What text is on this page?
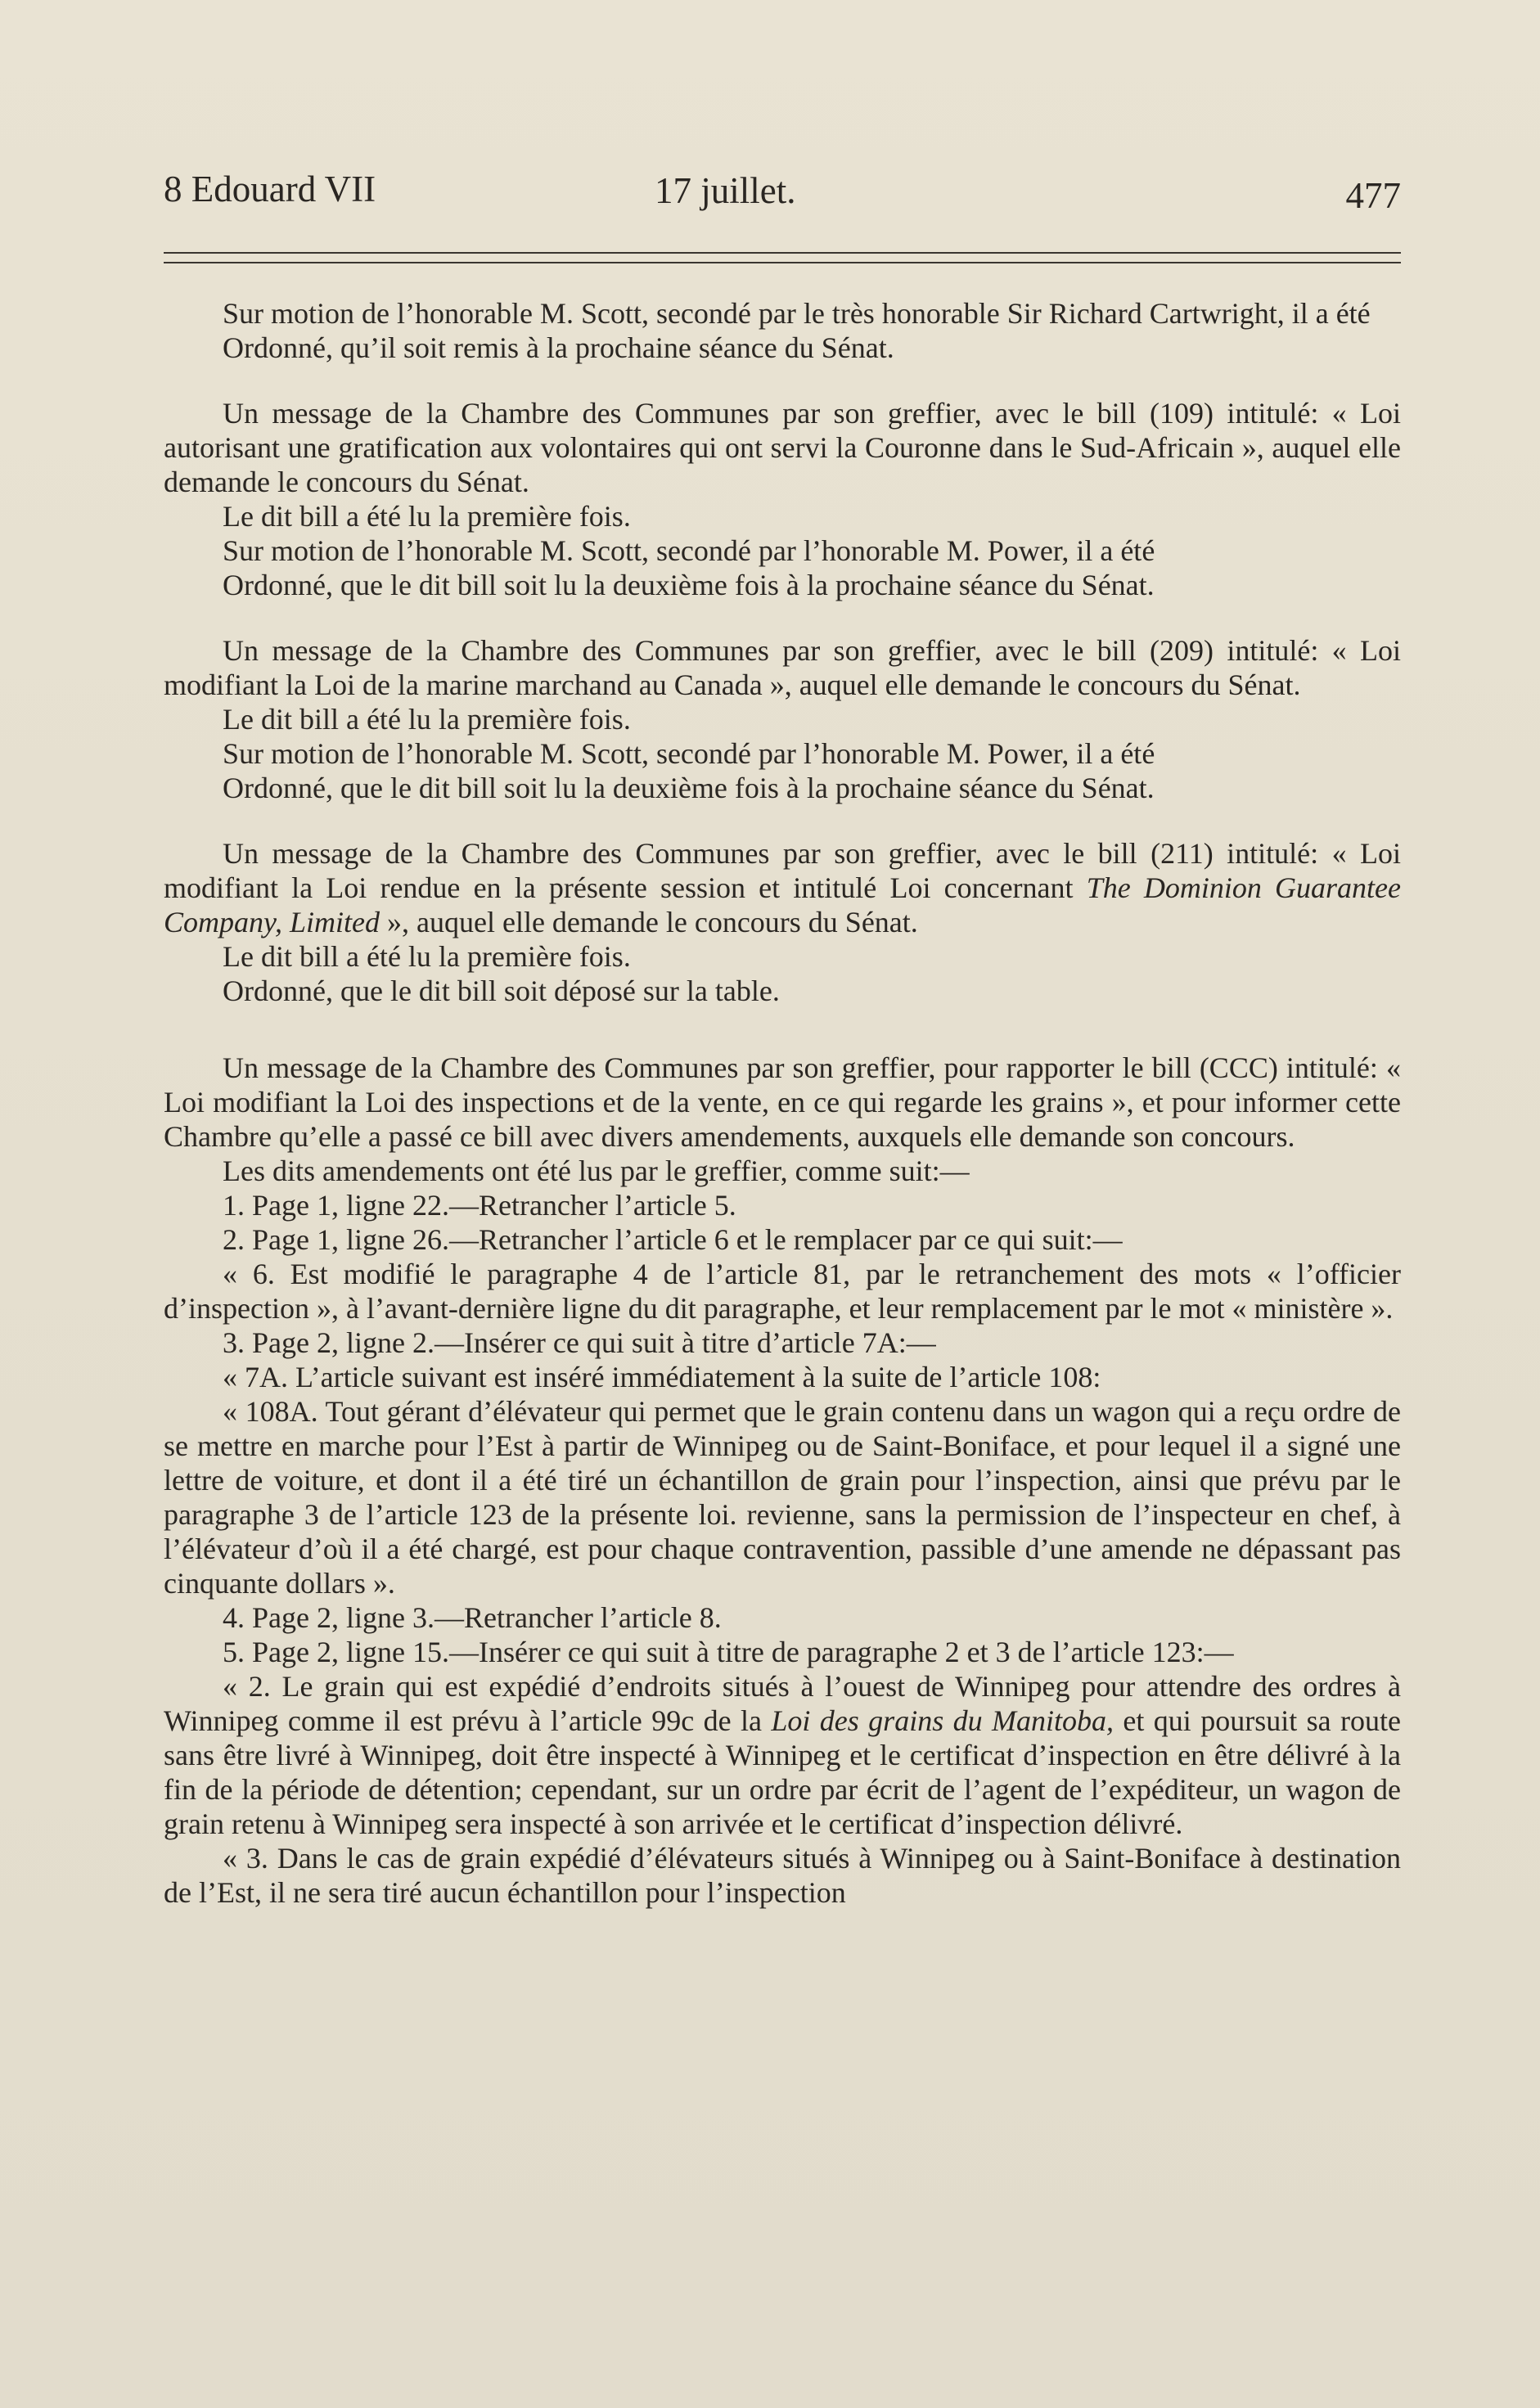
8 Edouard VII	17 juillet.	477

Sur motion de l’honorable M. Scott, secondé par le très honorable Sir Richard Cartwright, il a été

Ordonné, qu’il soit remis à la prochaine séance du Sénat.

Un message de la Chambre des Communes par son greffier, avec le bill (109) intitulé: « Loi autorisant une gratification aux volontaires qui ont servi la Couronne dans le Sud-Africain », auquel elle demande le concours du Sénat.

Le dit bill a été lu la première fois.

Sur motion de l’honorable M. Scott, secondé par l’honorable M. Power, il a été

Ordonné, que le dit bill soit lu la deuxième fois à la prochaine séance du Sénat.

Un message de la Chambre des Communes par son greffier, avec le bill (209) intitulé: « Loi modifiant la Loi de la marine marchand au Canada », auquel elle demande le concours du Sénat.

Le dit bill a été lu la première fois.

Sur motion de l’honorable M. Scott, secondé par l’honorable M. Power, il a été

Ordonné, que le dit bill soit lu la deuxième fois à la prochaine séance du Sénat.

Un message de la Chambre des Communes par son greffier, avec le bill (211) intitulé: « Loi modifiant la Loi rendue en la présente session et intitulé Loi concernant The Dominion Guarantee Company, Limited », auquel elle demande le concours du Sénat.

Le dit bill a été lu la première fois.

Ordonné, que le dit bill soit déposé sur la table.

Un message de la Chambre des Communes par son greffier, pour rapporter le bill (CCC) intitulé: « Loi modifiant la Loi des inspections et de la vente, en ce qui regarde les grains », et pour informer cette Chambre qu’elle a passé ce bill avec divers amendements, auxquels elle demande son concours.

Les dits amendements ont été lus par le greffier, comme suit:—

1. Page 1, ligne 22.—Retrancher l’article 5.

2. Page 1, ligne 26.—Retrancher l’article 6 et le remplacer par ce qui suit:—

« 6. Est modifié le paragraphe 4 de l’article 81, par le retranchement des mots « l’officier d’inspection », à l’avant-dernière ligne du dit paragraphe, et leur remplacement par le mot « ministère ».

3. Page 2, ligne 2.—Insérer ce qui suit à titre d’article 7A:—

« 7A. L’article suivant est inséré immédiatement à la suite de l’article 108:

« 108A. Tout gérant d’élévateur qui permet que le grain contenu dans un wagon qui a reçu ordre de se mettre en marche pour l’Est à partir de Winnipeg ou de Saint-Boniface, et pour lequel il a signé une lettre de voiture, et dont il a été tiré un échantillon de grain pour l’inspection, ainsi que prévu par le paragraphe 3 de l’article 123 de la présente loi. revienne, sans la permission de l’inspecteur en chef, à l’élévateur d’où il a été chargé, est pour chaque contravention, passible d’une amende ne dépassant pas cinquante dollars ».

4. Page 2, ligne 3.—Retrancher l’article 8.

5. Page 2, ligne 15.—Insérer ce qui suit à titre de paragraphe 2 et 3 de l’article 123:—

« 2. Le grain qui est expédié d’endroits situés à l’ouest de Winnipeg pour attendre des ordres à Winnipeg comme il est prévu à l’article 99c de la Loi des grains du Manitoba, et qui poursuit sa route sans être livré à Winnipeg, doit être inspecté à Winnipeg et le certificat d’inspection en être délivré à la fin de la période de détention; cependant, sur un ordre par écrit de l’agent de l’expéditeur, un wagon de grain retenu à Winnipeg sera inspecté à son arrivée et le certificat d’inspection délivré.

« 3. Dans le cas de grain expédié d’élévateurs situés à Winnipeg ou à Saint-Boniface à destination de l’Est, il ne sera tiré aucun échantillon pour l’inspection
